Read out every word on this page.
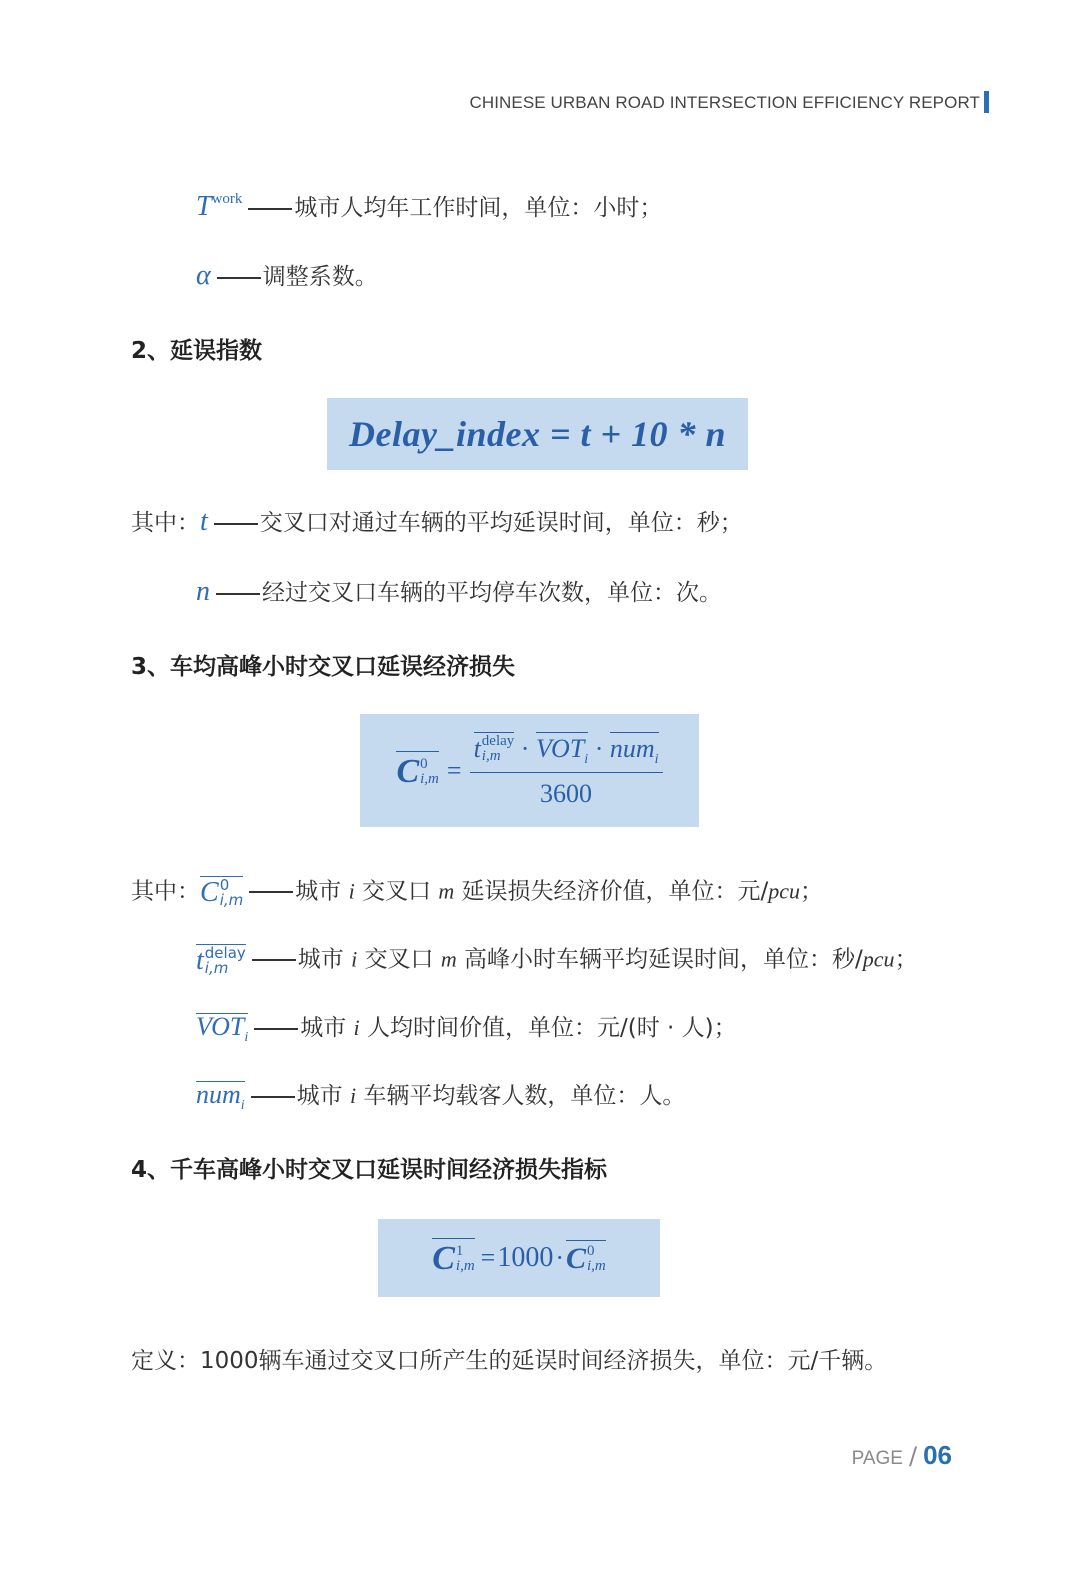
CHINESE URBAN ROAD INTERSECTION EFFICIENCY REPORT
$T^{work}$ 城市人均年工作时间，单位：小时；
α 调整系数。
2、延误指数
Delay_index = t + 10 * n
其中：t 交叉口对通过车辆的平均延误时间，单位：秒；
n 经过交叉口车辆的平均停车次数，单位：次。
3、车均高峰小时交叉口延误经济损失
C 0
i,m =
t delay
$i,m \cdot VOT_i \cdot num_i$
3600
其中： C 0
i,m 城市 i 交叉口 m 延误损失经济价值，单位：元/pcu；
t delay
i,m	城市 i 交叉口 m 高峰小时车辆平均延误时间，单位：秒/pcu；
$VOT_i$ 城市 i 人均时间价值，单位：元/(时 · 人)；
num$_i$ 城市 i 车辆平均载客人数，单位：人。
4、千车高峰小时交叉口延误时间经济损失指标
C 1
i,m = 1000 · C 0
i,m
定义：1000辆车通过交叉口所产生的延误时间经济损失，单位：元/千辆。
PAGE / 06
